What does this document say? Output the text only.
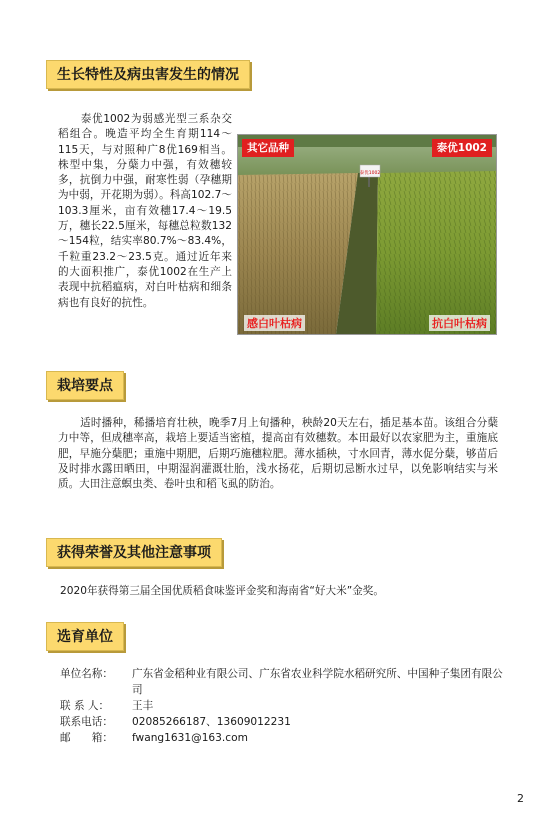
生长特性及病虫害发生的情况
泰优1002为弱感光型三系杂交稻组合。晚造平均全生育期114～115天，与对照种广8优169相当。株型中集，分蘖力中强，有效穗较多，抗倒力中强，耐寒性弱（孕穗期为中弱，开花期为弱）。科高102.7～103.3厘米，亩有效穗17.4～19.5万，穗长22.5厘米，每穗总粒数132～154粒，结实率80.7%～83.4%，千粒重23.2～23.5克。通过近年来的大面积推广，泰优1002在生产上表现中抗稻瘟病，对白叶枯病和细条病也有良好的抗性。
泰优1002
其它品种	泰优1002
感白叶枯病	抗白叶枯病
栽培要点
适时播种，稀播培育壮秧，晚季7月上旬播种，秧龄20天左右，插足基本苗。该组合分蘖力中等，但成穗率高，栽培上要适当密植，提高亩有效穗数。本田最好以农家肥为主，重施底肥，早施分蘖肥；重施中期肥，后期巧施穗粒肥。薄水插秧，寸水回青，薄水促分蘖，够苗后及时排水露田晒田，中期湿润灌溉壮胎，浅水扬花，后期切忌断水过早，以免影响结实与米质。大田注意螟虫类、卷叶虫和稻飞虱的防治。
获得荣誉及其他注意事项
2020年获得第三届全国优质稻食味鉴评金奖和海南省“好大米”金奖。
选育单位
单位名称：	广东省金稻种业有限公司、广东省农业科学院水稻研究所、中国种子集团有限公司
联 系 人：	王丰
联系电话：	02085266187、13609012231
邮　　箱：	fwang1631@163.com
2
